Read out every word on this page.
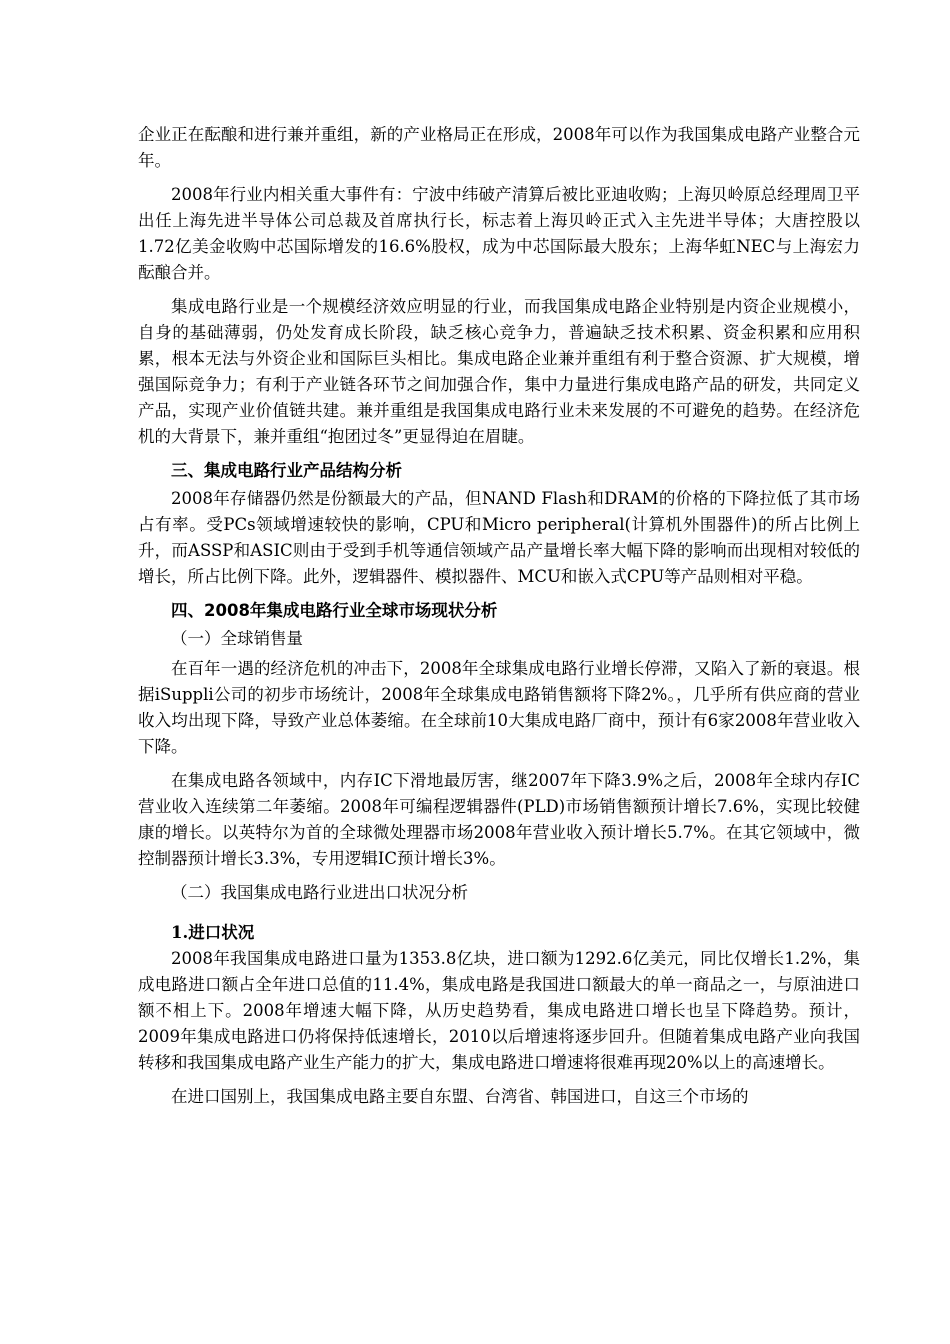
企业正在酝酿和进行兼并重组，新的产业格局正在形成，2008年可以作为我国集成电路产业整合元年。

2008年行业内相关重大事件有：宁波中纬破产清算后被比亚迪收购；上海贝岭原总经理周卫平出任上海先进半导体公司总裁及首席执行长，标志着上海贝岭正式入主先进半导体；大唐控股以1.72亿美金收购中芯国际增发的16.6%股权，成为中芯国际最大股东；上海华虹NEC与上海宏力酝酿合并。

集成电路行业是一个规模经济效应明显的行业，而我国集成电路企业特别是内资企业规模小，自身的基础薄弱，仍处发育成长阶段，缺乏核心竞争力，普遍缺乏技术积累、资金积累和应用积累，根本无法与外资企业和国际巨头相比。集成电路企业兼并重组有利于整合资源、扩大规模，增强国际竞争力；有利于产业链各环节之间加强合作，集中力量进行集成电路产品的研发，共同定义产品，实现产业价值链共建。兼并重组是我国集成电路行业未来发展的不可避免的趋势。在经济危机的大背景下，兼并重组“抱团过冬”更显得迫在眉睫。

三、集成电路行业产品结构分析

2008年存储器仍然是份额最大的产品，但NAND Flash和DRAM的价格的下降拉低了其市场占有率。受PCs领域增速较快的影响，CPU和Micro peripheral(计算机外围器件)的所占比例上升，而ASSP和ASIC则由于受到手机等通信领域产品产量增长率大幅下降的影响而出现相对较低的增长，所占比例下降。此外，逻辑器件、模拟器件、MCU和嵌入式CPU等产品则相对平稳。

四、2008年集成电路行业全球市场现状分析

（一）全球销售量

在百年一遇的经济危机的冲击下，2008年全球集成电路行业增长停滞，又陷入了新的衰退。根据iSuppli公司的初步市场统计，2008年全球集成电路销售额将下降2%。，几乎所有供应商的营业收入均出现下降，导致产业总体萎缩。在全球前10大集成电路厂商中，预计有6家2008年营业收入下降。

在集成电路各领域中，内存IC下滑地最厉害，继2007年下降3.9%之后，2008年全球内存IC营业收入连续第二年萎缩。2008年可编程逻辑器件(PLD)市场销售额预计增长7.6%，实现比较健康的增长。以英特尔为首的全球微处理器市场2008年营业收入预计增长5.7%。在其它领域中，微控制器预计增长3.3%，专用逻辑IC预计增长3%。

（二）我国集成电路行业进出口状况分析

1.进口状况

2008年我国集成电路进口量为1353.8亿块，进口额为1292.6亿美元，同比仅增长1.2%，集成电路进口额占全年进口总值的11.4%，集成电路是我国进口额最大的单一商品之一，与原油进口额不相上下。2008年增速大幅下降，从历史趋势看，集成电路进口增长也呈下降趋势。预计，2009年集成电路进口仍将保持低速增长，2010以后增速将逐步回升。但随着集成电路产业向我国转移和我国集成电路产业生产能力的扩大，集成电路进口增速将很难再现20%以上的高速增长。

在进口国别上，我国集成电路主要自东盟、台湾省、韩国进口，自这三个市场的
